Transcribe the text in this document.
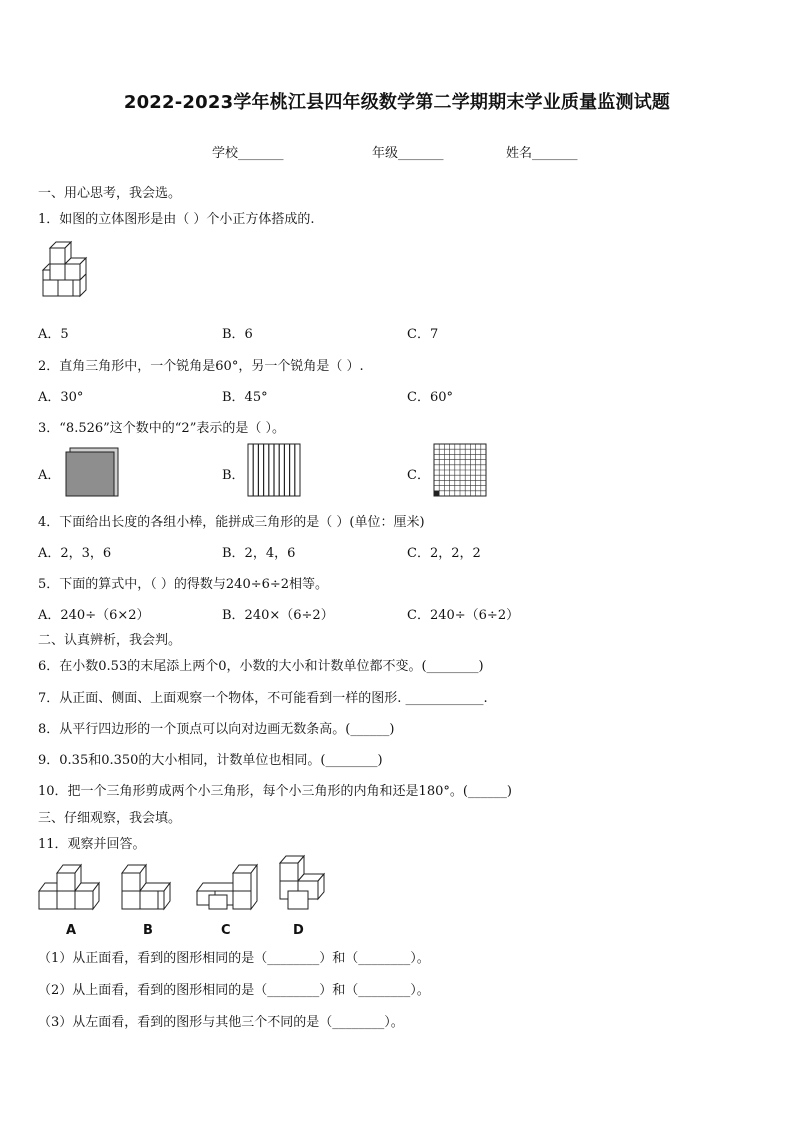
2022-2023学年桃江县四年级数学第二学期期末学业质量监测试题
学校_______	年级_______	姓名_______
一、用心思考，我会选。
1．如图的立体图形是由（ ）个小正方体搭成的.
A．5	B．6	C．7
2．直角三角形中，一个锐角是60°，另一个锐角是（ ）.
A．30°	B．45°	C．60°
3．“8.526”这个数中的“2”表示的是（ ）。
A．	B．	C．
4．下面给出长度的各组小棒，能拼成三角形的是（ ）(单位：厘米)
A．2，3，6	B．2，4，6	C．2，2，2
5．下面的算式中，（ ）的得数与240÷6÷2相等。
A．240÷（6×2）	B．240×（6÷2）	C．240÷（6÷2）
二、认真辨析，我会判。
6．在小数0.53的末尾添上两个0，小数的大小和计数单位都不变。(________)
7．从正面、侧面、上面观察一个物体，不可能看到一样的图形. ____________.
8．从平行四边形的一个顶点可以向对边画无数条高。(______)
9．0.35和0.350的大小相同，计数单位也相同。(________)
10．把一个三角形剪成两个小三角形，每个小三角形的内角和还是180°。(______)
三、仔细观察，我会填。
11．观察并回答。
A	B	C	D
（1）从正面看，看到的图形相同的是（________）和（________）。
（2）从上面看，看到的图形相同的是（________）和（________）。
（3）从左面看，看到的图形与其他三个不同的是（________）。
